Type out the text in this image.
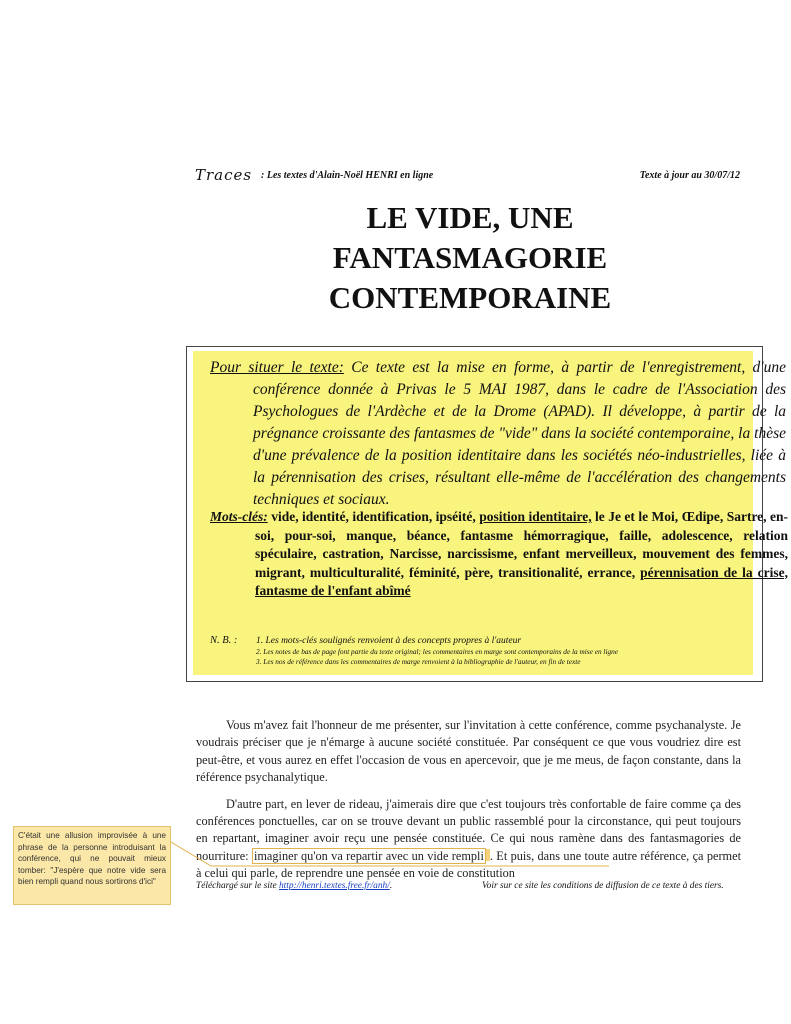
Traces : Les textes d'Alain-Noël HENRI en ligne	Texte à jour au 30/07/12
LE VIDE, UNE
FANTASMAGORIE
CONTEMPORAINE
Pour situer le texte: Ce texte est la mise en forme, à partir de l'enregistrement, d'une conférence donnée à Privas le 5 MAI 1987, dans le cadre de l'Association des Psychologues de l'Ardèche et de la Drome (APAD). Il développe, à partir de la prégnance croissante des fantasmes de "vide" dans la société contemporaine, la thèse d'une prévalence de la position identitaire dans les sociétés néo-industrielles, liée à la pérennisation des crises, résultant elle-même de l'accélération des changements techniques et sociaux.
Mots-clés: vide, identité, identification, ipséité, position identitaire, le Je et le Moi, Œdipe, Sartre, en-soi, pour-soi, manque, béance, fantasme hémorragique, faille, adolescence, relation spéculaire, castration, Narcisse, narcissisme, enfant merveilleux, mouvement des femmes, migrant, multiculturalité, féminité, père, transitionalité, errance, pérennisation de la crise, fantasme de l'enfant abîmé
N. B. : 1. Les mots-clés soulignés renvoient à des concepts propres à l'auteur
2. Les notes de bas de page font partie du texte original; les commentaires en marge sont contemporains de la mise en ligne
3. Les nos de référence dans les commentaires de marge renvoient à la bibliographie de l'auteur, en fin de texte

Vous m'avez fait l'honneur de me présenter, sur l'invitation à cette conférence, comme psychanalyste. Je voudrais préciser que je n'émarge à aucune société constituée. Par conséquent ce que vous voudriez dire est peut-être, et vous aurez en effet l'occasion de vous en apercevoir, que je me meus, de façon constante, dans la référence psychanalytique.

D'autre part, en lever de rideau, j'aimerais dire que c'est toujours très confortable de faire comme ça des conférences ponctuelles, car on se trouve devant un public rassemblé pour la circonstance, qui peut toujours en repartant, imaginer avoir reçu une pensée constituée. Ce qui nous ramène dans des fantasmagories de nourriture: imaginer qu'on va repartir avec un vide rempli . Et puis, dans une toute autre référence, ça permet à celui qui parle, de reprendre une pensée en voie de constitution

C'était une allusion improvisée à une phrase de la personne introduisant la conférence, qui ne pouvait mieux tomber: "J'espère que notre vide sera bien rempli quand nous sortirons d'ici"	Téléchargé sur le site http://henri.textes.free.fr/anh/.	Voir sur ce site les conditions de diffusion de ce texte à des tiers.
